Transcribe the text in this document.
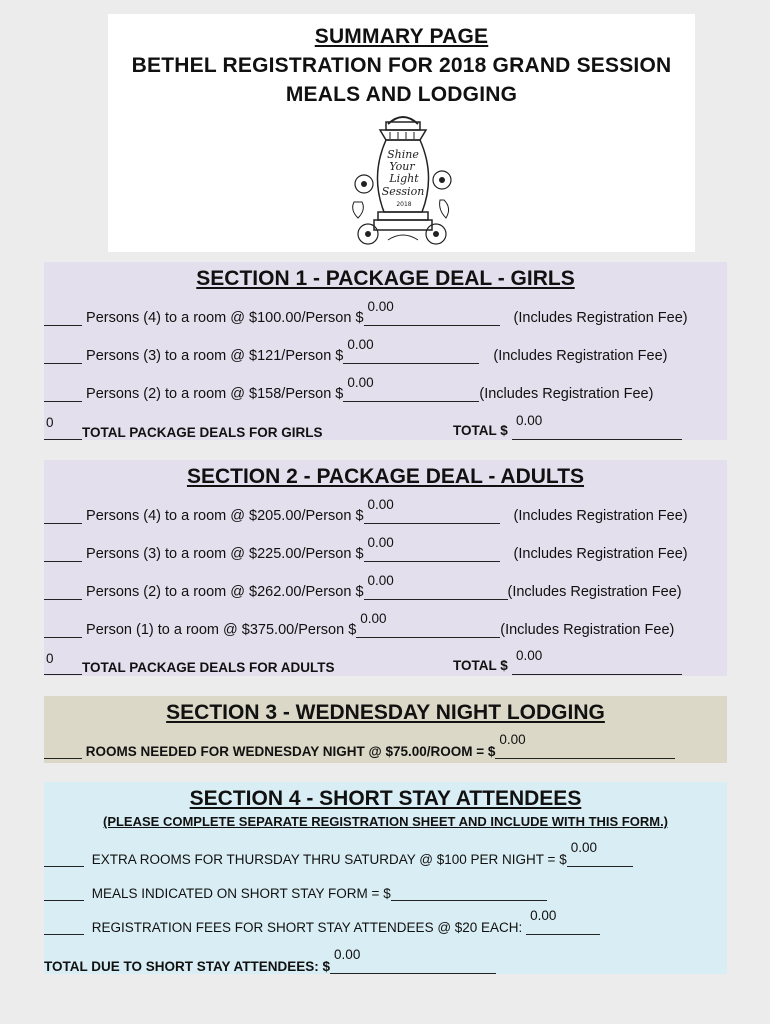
SUMMARY PAGE
BETHEL REGISTRATION FOR 2018 GRAND SESSION
MEALS AND LODGING
Shine
Your
Light
Session
2018
SECTION 1 - PACKAGE DEAL - GIRLS
Persons (4) to a room @ $100.00/Person $
0.00
(Includes Registration Fee)
Persons (3) to a room @ $121/Person $
0.00
(Includes Registration Fee)
Persons (2) to a room @ $158/Person $
0.00
(Includes Registration Fee)
0
TOTAL PACKAGE DEALS FOR GIRLS	TOTAL $
0.00
SECTION 2 - PACKAGE DEAL - ADULTS
Persons (4) to a room @ $205.00/Person $
0.00
(Includes Registration Fee)
Persons (3) to a room @ $225.00/Person $
0.00
(Includes Registration Fee)
Persons (2) to a room @ $262.00/Person $
0.00
(Includes Registration Fee)
Person (1) to a room @ $375.00/Person $
0.00
(Includes Registration Fee)
0
TOTAL PACKAGE DEALS FOR ADULTS	TOTAL $
0.00
SECTION 3 - WEDNESDAY NIGHT LODGING
ROOMS NEEDED FOR WEDNESDAY NIGHT @ $75.00/ROOM = $
0.00
SECTION 4 - SHORT STAY ATTENDEES
(PLEASE COMPLETE SEPARATE REGISTRATION SHEET AND INCLUDE WITH THIS FORM.)
EXTRA ROOMS FOR THURSDAY THRU SATURDAY @ $100 PER NIGHT = $
0.00
MEALS INDICATED ON SHORT STAY FORM = $
REGISTRATION FEES FOR SHORT STAY ATTENDEES @ $20 EACH:
0.00
TOTAL DUE TO SHORT STAY ATTENDEES: $
0.00
